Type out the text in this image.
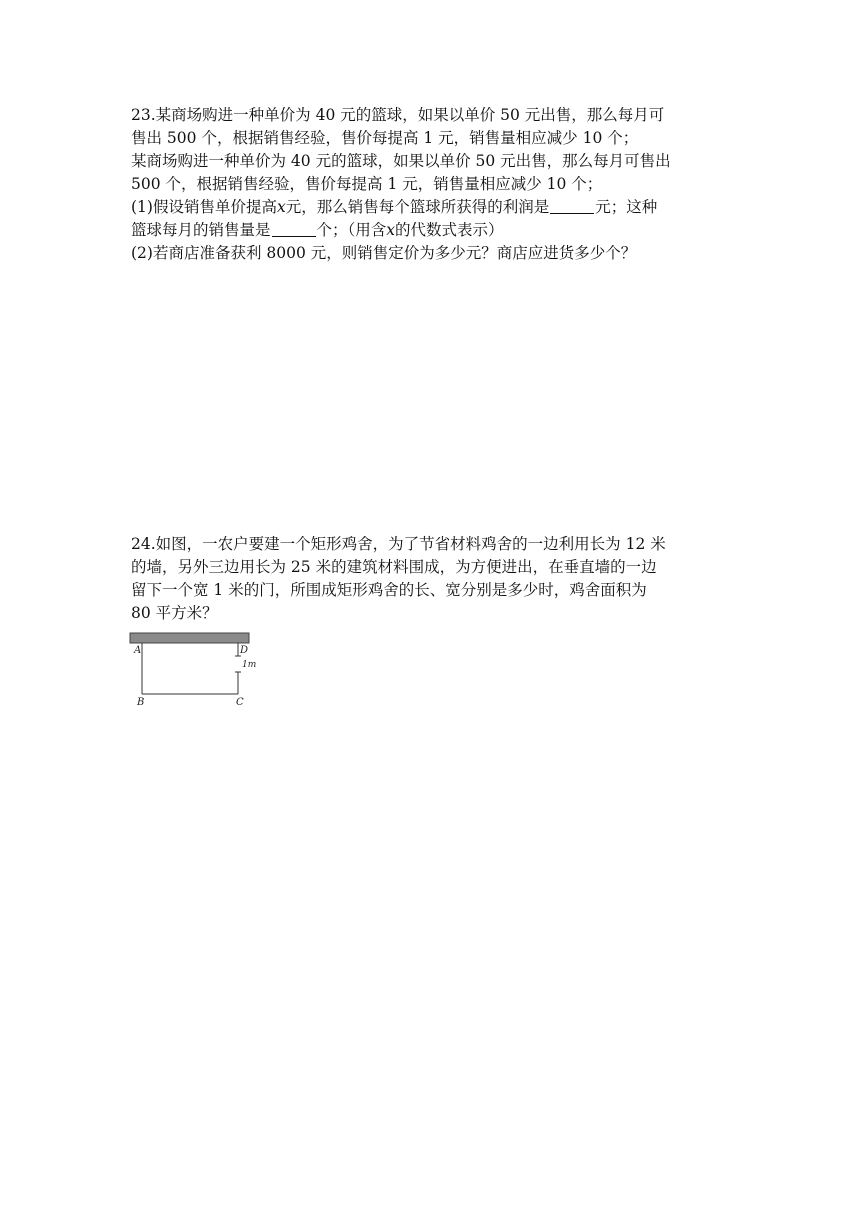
23.某商场购进一种单价为 40 元的篮球，如果以单价 50 元出售，那么每月可
售出 500 个，根据销售经验，售价每提高 1 元，销售量相应减少 10 个；
某商场购进一种单价为 40 元的篮球，如果以单价 50 元出售，那么每月可售出
500 个，根据销售经验，售价每提高 1 元，销售量相应减少 10 个；
(1)假设销售单价提高x元，那么销售每个篮球所获得的利润是	元；这种
篮球每月的销售量是	个；（用含x的代数式表示）
(2)若商店准备获利 8000 元，则销售定价为多少元？商店应进货多少个？
24.如图，一农户要建一个矩形鸡舍，为了节省材料鸡舍的一边利用长为 12 米
的墙，另外三边用长为 25 米的建筑材料围成，为方便进出，在垂直墙的一边
留下一个宽 1 米的门，所围成矩形鸡舍的长、宽分别是多少时，鸡舍面积为
80 平方米？
A	D
1m
B	C
